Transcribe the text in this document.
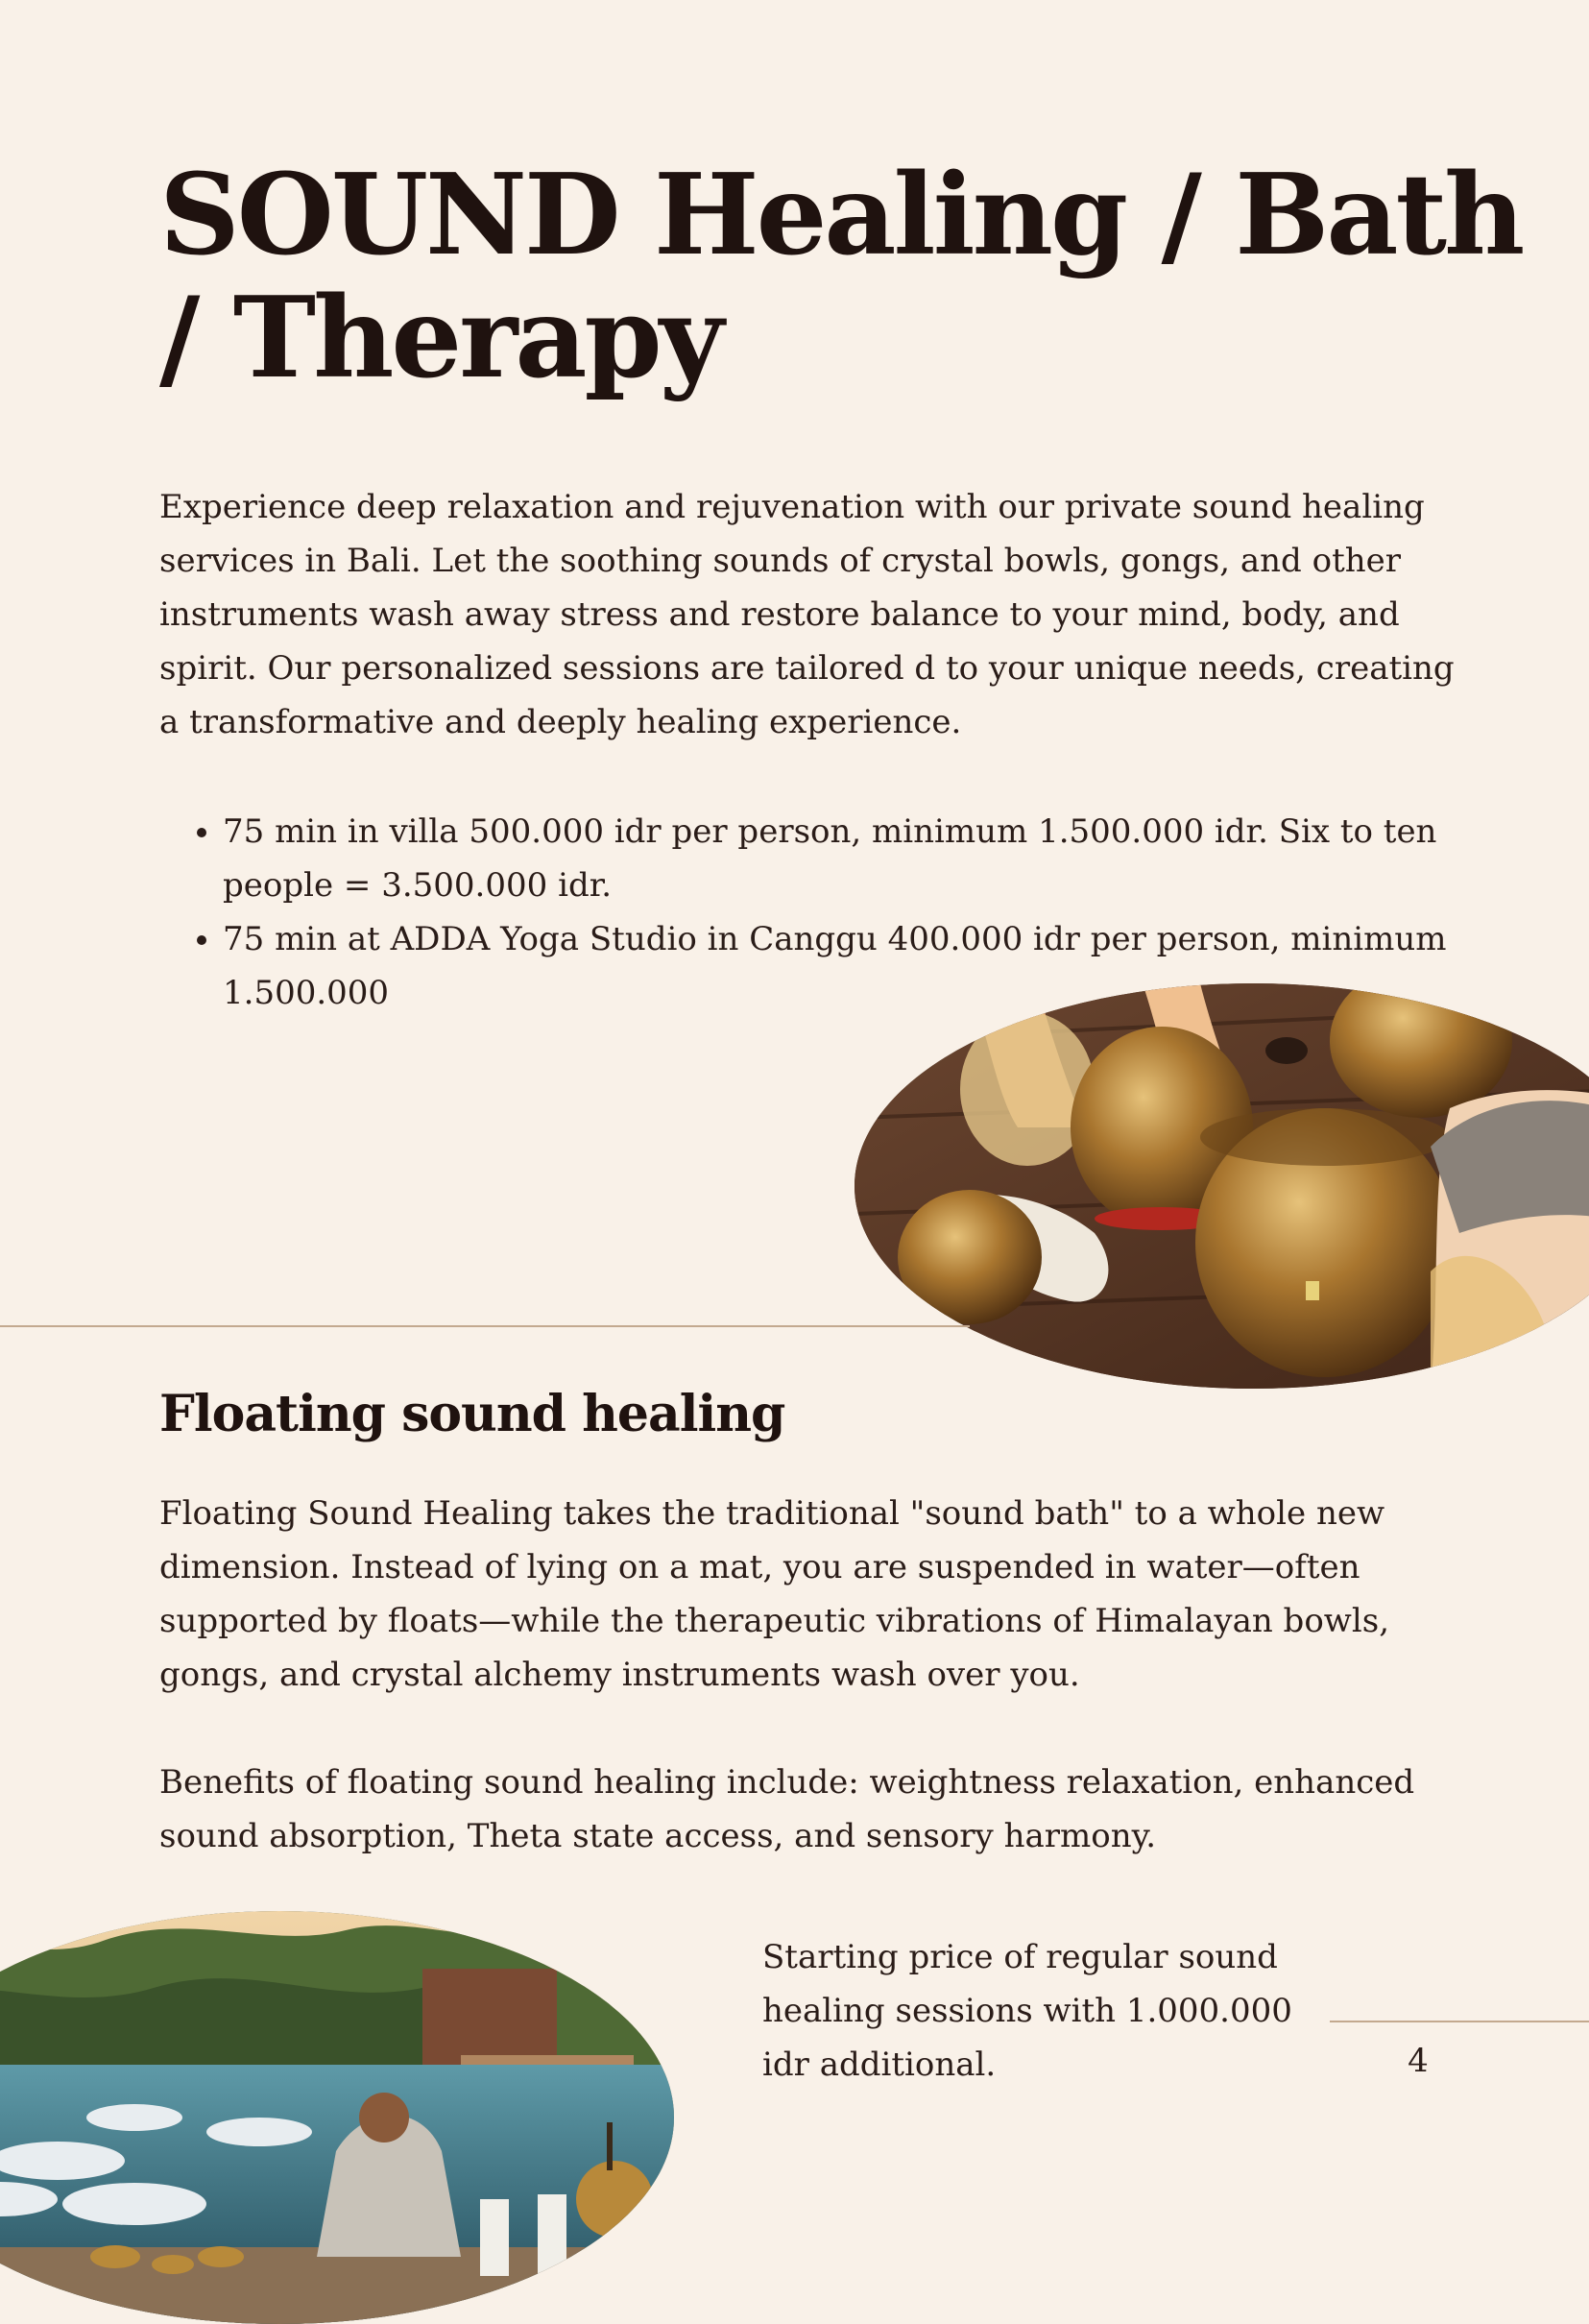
SOUND Healing / Bath / Therapy

Experience deep relaxation and rejuvenation with our private sound healing services in Bali. Let the soothing sounds of crystal bowls, gongs, and other instruments wash away stress and restore balance to your mind, body, and spirit. Our personalized sessions are tailored d to your unique needs, creating a transformative and deeply healing experience.

• 75 min in villa 500.000 idr per person, minimum 1.500.000 idr. Six to ten people = 3.500.000 idr.
• 75 min at ADDA Yoga Studio in Canggu 400.000 idr per person, minimum 1.500.000
Floating sound healing

Floating Sound Healing takes the traditional "sound bath" to a whole new dimension. Instead of lying on a mat, you are suspended in water—often supported by floats—while the therapeutic vibrations of Himalayan bowls, gongs, and crystal alchemy instruments wash over you.

Benefits of floating sound healing include: weightness relaxation, enhanced sound absorption, Theta state access, and sensory harmony.

Starting price of regular sound healing sessions with 1.000.000 idr additional.	4
